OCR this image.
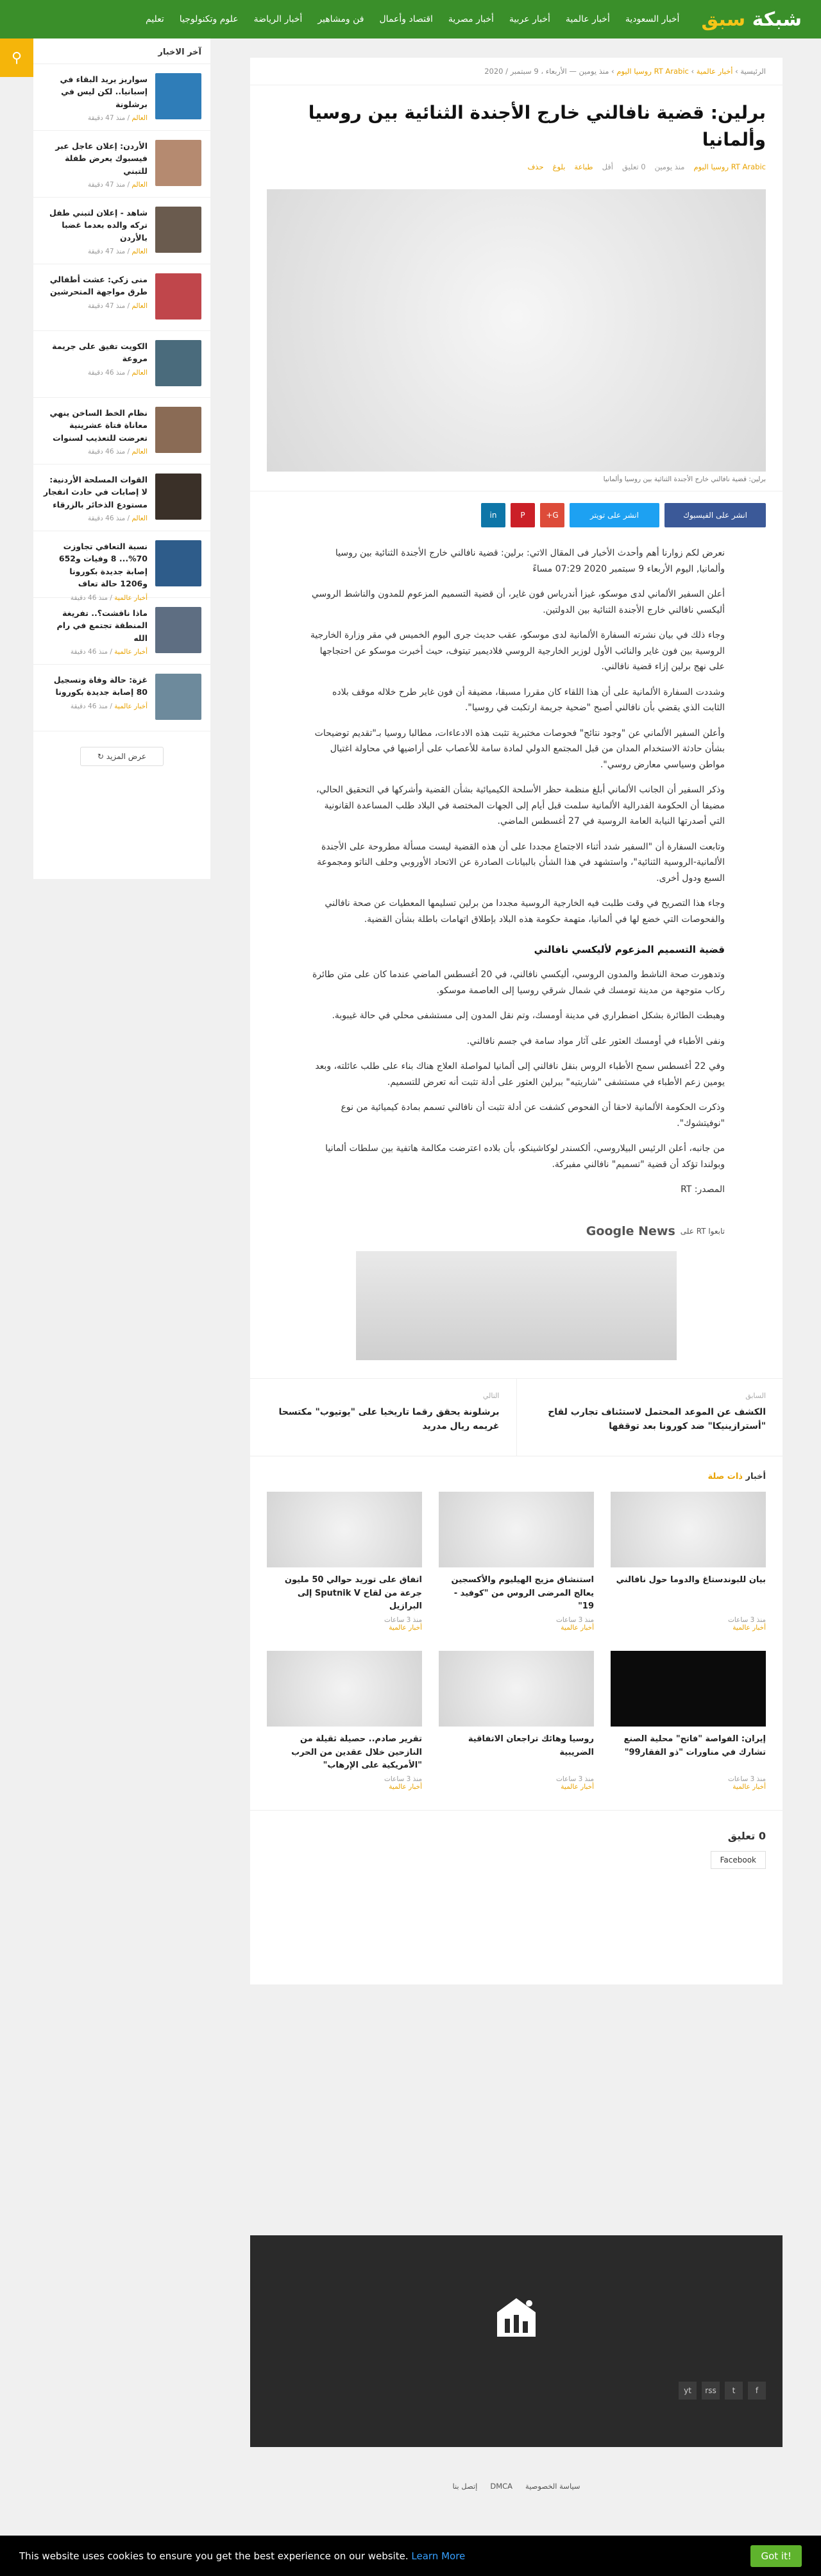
شبكة سبق
أخبار السعودية
أخبار عالمية
أخبار عربية
أخبار مصرية
اقتصاد وأعمال
فن ومشاهير
أخبار الرياضة
علوم وتكنولوجيا
تعليم
⚲	آخر الاخبار
سواريز يريد البقاء في إسبانيا.. لكن ليس في برشلونة
العالم / منذ 47 دقيقة
الأردن: إعلان عاجل عبر فيسبوك يعرض طفلة للتبني
العالم / منذ 47 دقيقة
شاهد - إعلان لتبني طفل تركه والده بعدما غضبا بالأردن
العالم / منذ 47 دقيقة
منى زكي: عشت أطفالي طرق مواجهة المتحرشين
العالم / منذ 47 دقيقة
الكويت تفيق على جريمة مروعة
العالم / منذ 46 دقيقة
نظام الخط الساخن ينهي معاناة فتاة عشرينية تعرضت للتعذيب لسنوات
العالم / منذ 46 دقيقة
القوات المسلحة الأردنية: لا إصابات في حادث انفجار مستودع الذخائر بالزرقاء
العالم / منذ 46 دقيقة
نسبة التعافي تجاوزت 70%... 8 وفيات و652 إصابة جديدة بكورونا و1206 حالة تعاف
أخبار عالمية / منذ 46 دقيقة
ماذا ناقشت؟.. تفريغة المنطقة تجتمع في رام الله
أخبار عالمية / منذ 46 دقيقة
غزة: حالة وفاة وتسجيل 80 إصابة جديدة بكورونا
أخبار عالمية / منذ 46 دقيقة
عرض المزيد ↻
الرئيسية › أخبار عالمية › RT Arabic روسيا اليوم › منذ يومين — الأربعاء ، 9 سبتمبر / 2020
برلين: قضية نافالني خارج الأجندة الثنائية بين روسيا وألمانيا
RT Arabic روسيا اليوم
منذ يومين
0 تعليق
أقل
طباعة
بلوغ
حذف
برلين: قضية نافالني خارج الأجندة الثنائية بين روسيا وألمانيا
انشر على الفيسبوك
انشر على تويتر
G+
P
in

نعرض لكم زوارنا أهم وأحدث الأخبار فى المقال الاتي: برلين: قضية نافالني خارج الأجندة الثنائية بين روسيا وألمانيا, اليوم الأربعاء 9 سبتمبر 2020 07:29 مساءً

أعلن السفير الألماني لدى موسكو، غيزا أندرياس فون غاير، أن قضية التسميم المزعوم للمدون والناشط الروسي أليكسي نافالني خارج الأجندة الثنائية بين الدولتين.

وجاء ذلك في بيان نشرته السفارة الألمانية لدى موسكو، عقب حديث جرى اليوم الخميس في مقر وزارة الخارجية الروسية بين فون غاير والنائب الأول لوزير الخارجية الروسي فلاديمير تيتوف، حيث أخبرت موسكو عن احتجاجها على نهج برلين إزاء قضية نافالني.

وشددت السفارة الألمانية على أن هذا اللقاء كان مقررا مسبقا، مضيفة أن فون غاير طرح خلاله موقف بلاده الثابت الذي يقضي بأن نافالني أصبح "ضحية جريمة ارتكبت في روسيا".

وأعلن السفير الألماني عن "وجود نتائج" فحوصات مختبرية تثبت هذه الادعاءات، مطالبا روسيا بـ"تقديم توضيحات بشأن حادثة الاستخدام المدان من قبل المجتمع الدولي لمادة سامة للأعصاب على أراضيها في محاولة اغتيال مواطن وسياسي معارض روسي".

وذكر السفير أن الجانب الألماني أبلغ منظمة حظر الأسلحة الكيميائية بشأن القضية وأشركها في التحقيق الحالي، مضيفا أن الحكومة الفدرالية الألمانية سلمت قبل أيام إلى الجهات المختصة في البلاد طلب المساعدة القانونية التي أصدرتها النيابة العامة الروسية في 27 أغسطس الماضي.

وتابعت السفارة أن "السفير شدد أثناء الاجتماع مجددا على أن هذه القضية ليست مسألة مطروحة على الأجندة الألمانية-الروسية الثنائية"، واستشهد في هذا الشأن بالبيانات الصادرة عن الاتحاد الأوروبي وحلف الناتو ومجموعة السبع ودول أخرى.

وجاء هذا التصريح في وقت طلبت فيه الخارجية الروسية مجددا من برلين تسليمها المعطيات عن صحة نافالني والفحوصات التي خضع لها في ألمانيا، متهمة حكومة هذه البلاد بإطلاق اتهامات باطلة بشأن القضية.

قضية التسميم المزعوم لأليكسي نافالني

وتدهورت صحة الناشط والمدون الروسي، أليكسي نافالني، في 20 أغسطس الماضي عندما كان على متن طائرة ركاب متوجهة من مدينة تومسك في شمال شرقي روسيا إلى العاصمة موسكو.

وهبطت الطائرة بشكل اضطراري في مدينة أومسك، وتم نقل المدون إلى مستشفى محلي في حالة غيبوبة.

ونفى الأطباء في أومسك العثور على آثار مواد سامة في جسم نافالني.

وفي 22 أغسطس سمح الأطباء الروس بنقل نافالني إلى ألمانيا لمواصلة العلاج هناك بناء على طلب عائلته، وبعد يومين زعم الأطباء في مستشفى "شاريتيه" ببرلين العثور على أدلة تثبت أنه تعرض للتسميم.

وذكرت الحكومة الألمانية لاحقا أن الفحوص كشفت عن أدلة تثبت أن نافالني تسمم بمادة كيميائية من نوع "نوفيتشوك".

من جانبه، أعلن الرئيس البيلاروسي، ألكسندر لوكاشينكو، بأن بلاده اعترضت مكالمة هاتفية بين سلطات ألمانيا وبولندا تؤكد أن قضية "تسميم" نافالني مفبركة.

المصدر: RT

تابعوا RT على
Google News
السابق
الكشف عن الموعد المحتمل لاستئناف تجارب لقاح "أسترازينيكا" ضد كورونا بعد توقفها
التالي
برشلونة يحقق رقما تاريخيا على "يوتيوب" مكتسحا غريمه ريال مدريد
أخبار ذات صلة
بيان للبوندستاغ والدوما حول نافالني
منذ 3 ساعات
أخبار عالمية
استنشاق مزيج الهيليوم والأكسجين يعالج المرضى الروس من "كوفيد - 19"
منذ 3 ساعات
أخبار عالمية
اتفاق على توريد حوالي 50 مليون جرعة من لقاح Sputnik V إلى البرازيل
منذ 3 ساعات
أخبار عالمية
إيران: الفواصة "فاتح" محلية الصنع تشارك في مناورات "ذو الفقار99"
منذ 3 ساعات
أخبار عالمية
روسيا وهائك تراجعان الاتفاقية الضريبية
منذ 3 ساعات
أخبار عالمية
تقرير صادم.. حصيلة ثقيلة من النازحين خلال عقدين من الحرب "الأمريكية على الإرهاب"
منذ 3 ساعات
أخبار عالمية
0 تعليق
Facebook
f
t
rss
yt
سياسة الخصوصيةDMCAإتصل بنا

This website uses cookies to ensure you get the best experience on our website. Learn More	Got it!
